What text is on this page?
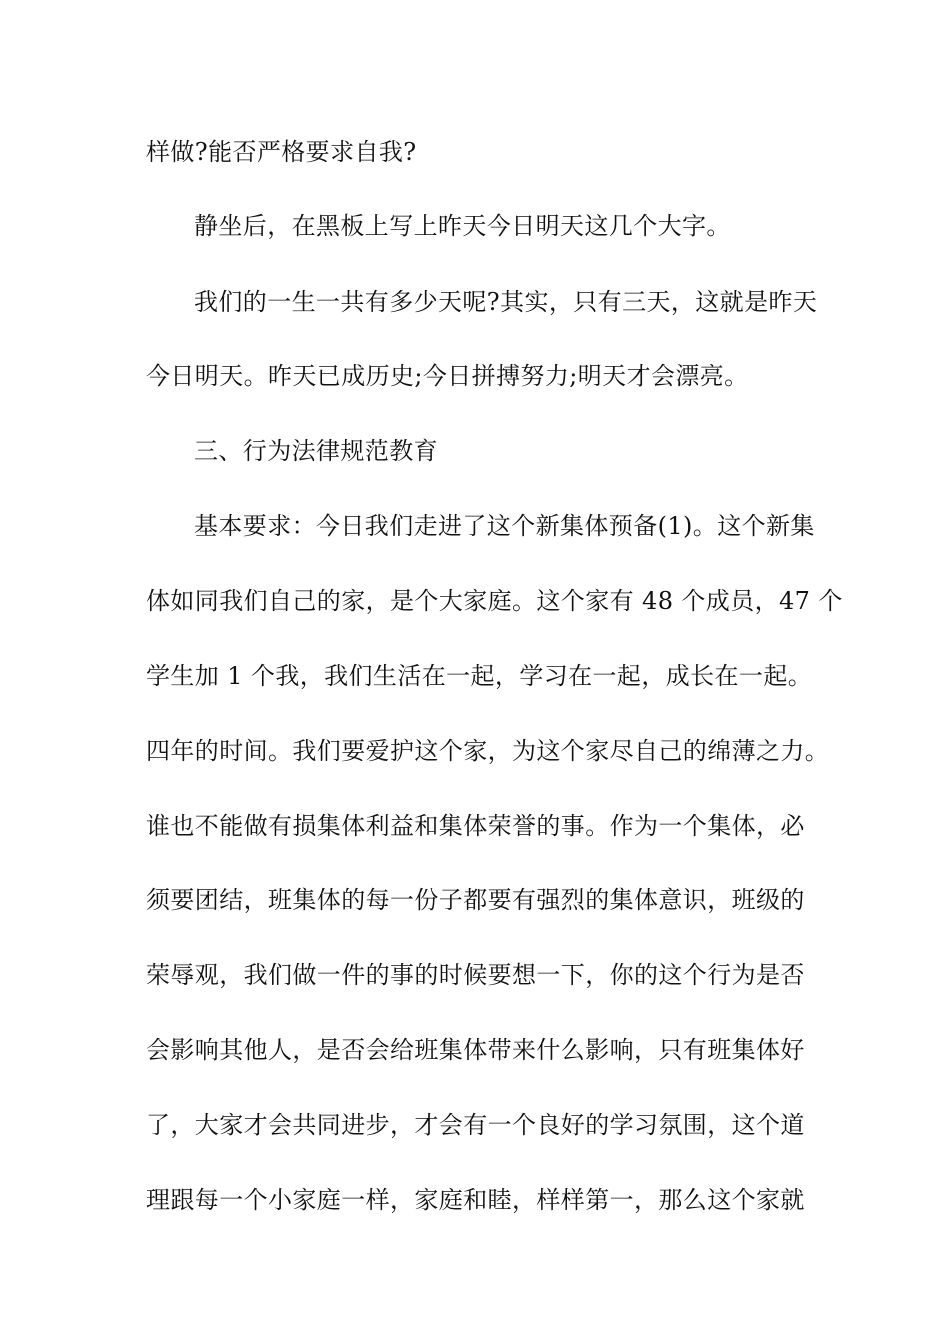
样做?能否严格要求自我?
静坐后，在黑板上写上昨天今日明天这几个大字。
我们的一生一共有多少天呢?其实，只有三天，这就是昨天
今日明天。昨天已成历史;今日拼搏努力;明天才会漂亮。
三、行为法律规范教育
基本要求：今日我们走进了这个新集体预备(1)。这个新集
体如同我们自己的家，是个大家庭。这个家有 48 个成员，47 个
学生加 1 个我，我们生活在一起，学习在一起，成长在一起。
四年的时间。我们要爱护这个家，为这个家尽自己的绵薄之力。
谁也不能做有损集体利益和集体荣誉的事。作为一个集体，必
须要团结，班集体的每一份子都要有强烈的集体意识，班级的
荣辱观，我们做一件的事的时候要想一下，你的这个行为是否
会影响其他人，是否会给班集体带来什么影响，只有班集体好
了，大家才会共同进步，才会有一个良好的学习氛围，这个道
理跟每一个小家庭一样，家庭和睦，样样第一，那么这个家就
